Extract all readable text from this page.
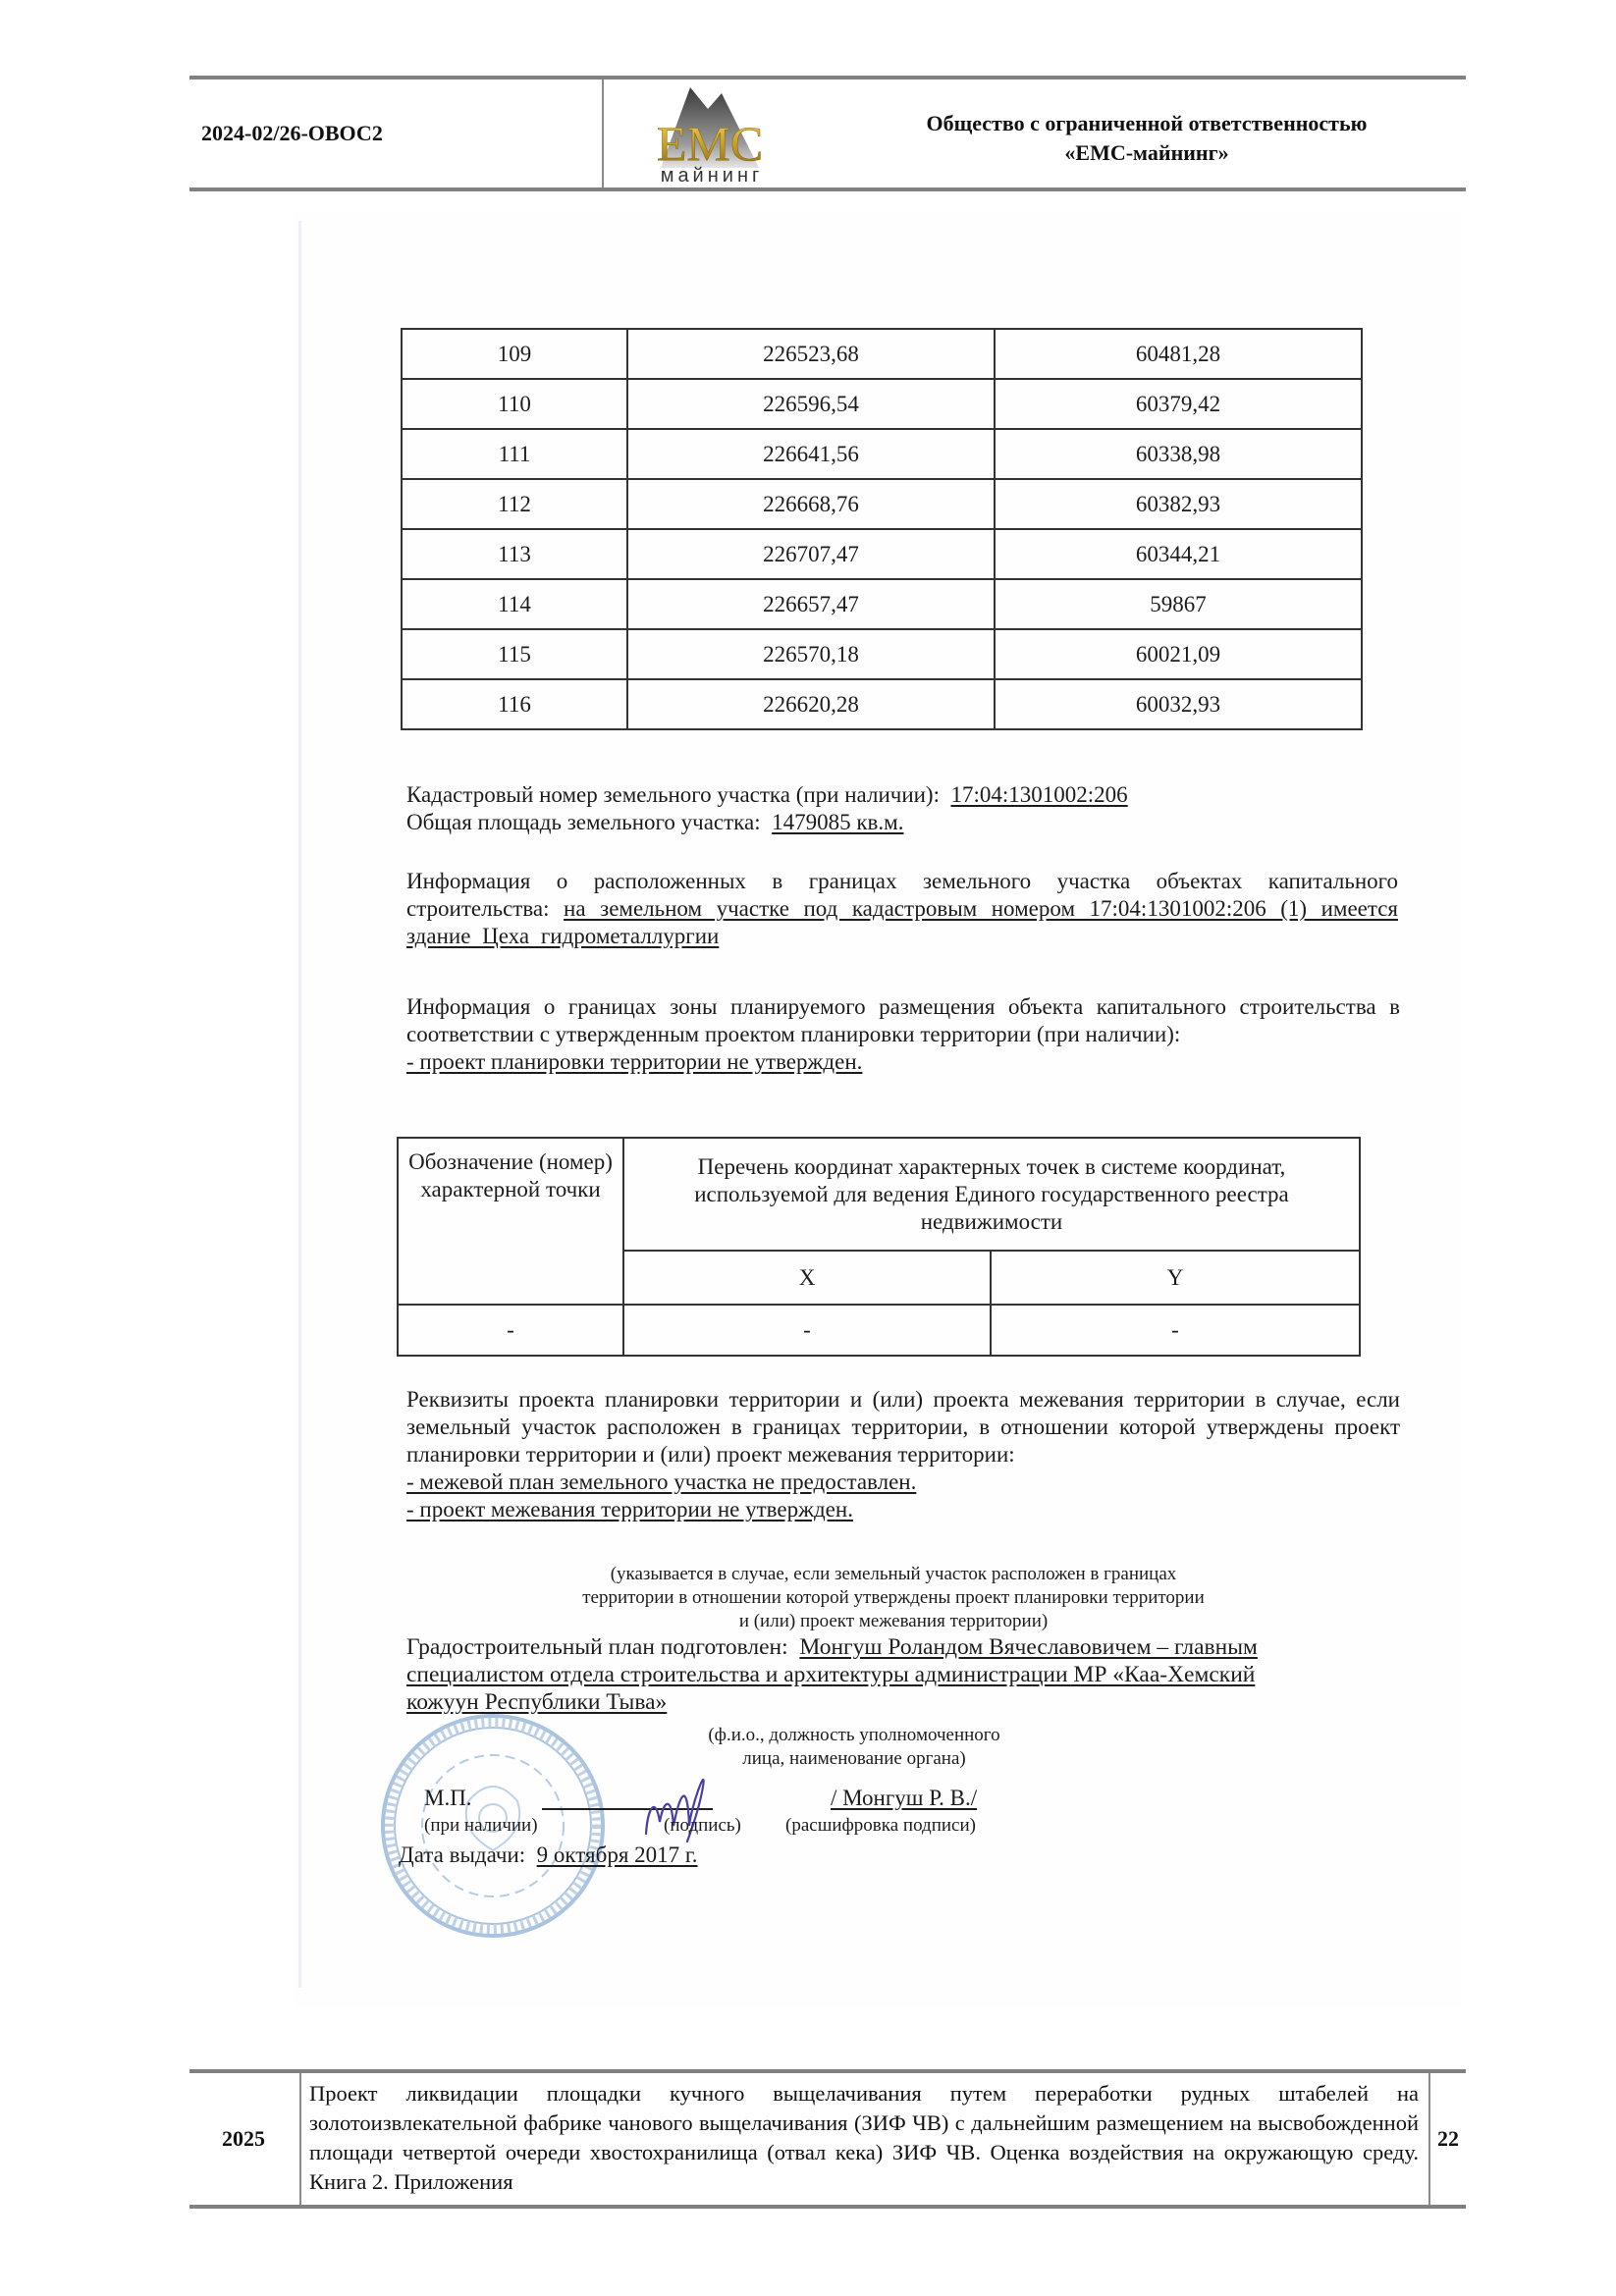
2024-02/26-ОВОС2	ЕМС
майнинг
Общество с ограниченной ответственностью
«ЕМС-майнинг»
109	226523,68	60481,28
110	226596,54	60379,42
111	226641,56	60338,98
112	226668,76	60382,93
113	226707,47	60344,21
114	226657,47	59867
115	226570,18	60021,09
116	226620,28	60032,93
Кадастровый номер земельного участка (при наличии): 17:04:1301002:206
Общая площадь земельного участка: 1479085 кв.м.
Информация о расположенных в границах земельного участка объектах капитального строительства: на земельном участке под кадастровым номером 17:04:1301002:206 (1) имеется здание Цеха гидрометаллургии
Информация о границах зоны планируемого размещения объекта капитального строительства в соответствии с утвержденным проектом планировки территории (при наличии):
- проект планировки территории не утвержден.
Обозначение (номер) характерной точки	Перечень координат характерных точек в системе координат, используемой для ведения Единого государственного реестра недвижимости	
	X	Y
-	-	-
Реквизиты проекта планировки территории и (или) проекта межевания территории в случае, если земельный участок расположен в границах территории, в отношении которой утверждены проект планировки территории и (или) проект межевания территории:
- межевой план земельного участка не предоставлен.
- проект межевания территории не утвержден.
(указывается в случае, если земельный участок расположен в границах
территории в отношении которой утверждены проект планировки территории
и (или) проект межевания территории)
Градостроительный план подготовлен: Монгуш Роландом Вячеславовичем – главным
специалистом отдела строительства и архитектуры администрации МР «Каа-Хемский
кожуун Республики Тыва»
(ф.и.о., должность уполномоченного
лица, наименование органа)
М.П.
(при наличии)	(подпись)
/ Монгуш Р. В./
(расшифровка подписи)
Дата выдачи: 9 октября 2017 г.
2025
Проект ликвидации площадки кучного выщелачивания путем переработки рудных штабелей на золотоизвлекательной фабрике чанового выщелачивания (ЗИФ ЧВ) с дальнейшим размещением на высвобожденной площади четвертой очереди хвостохранилища (отвал кека) ЗИФ ЧВ. Оценка воздействия на окружающую среду. Книга 2. Приложения
22
